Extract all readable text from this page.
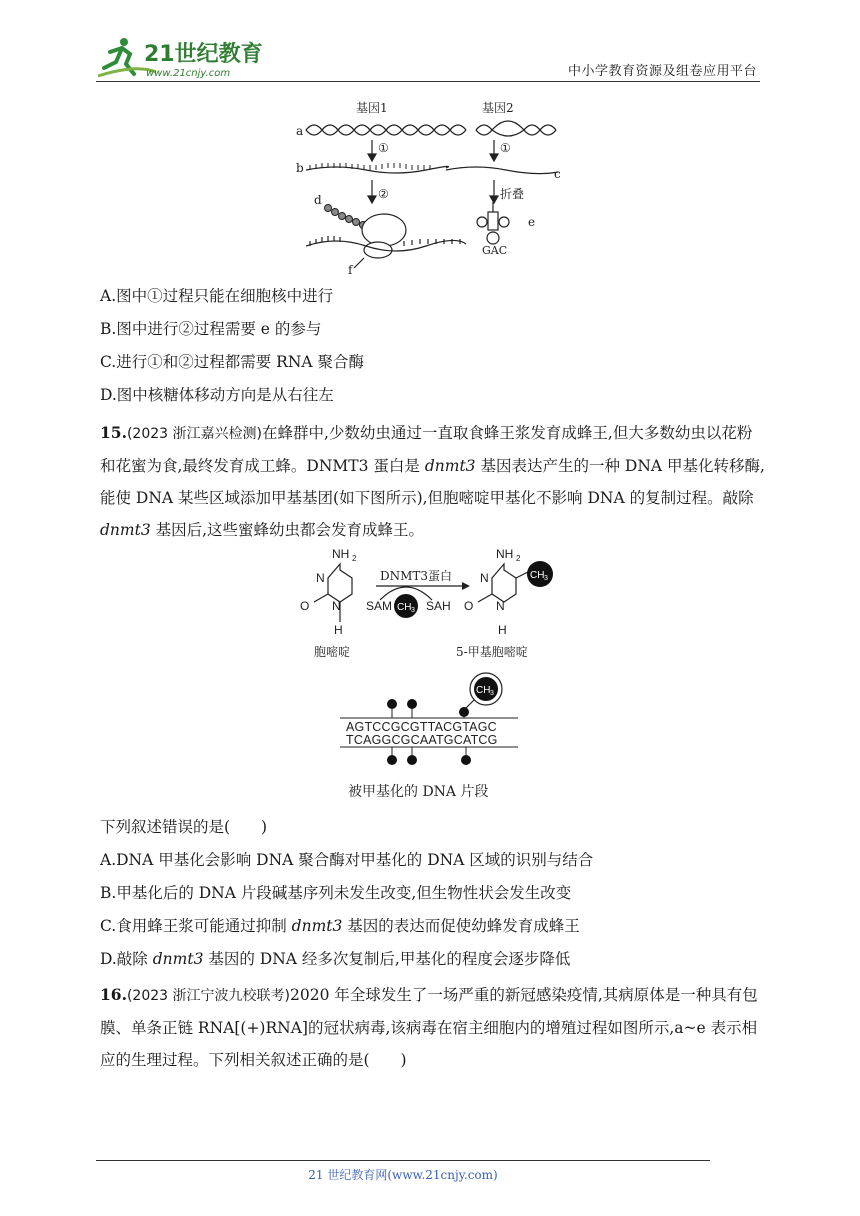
21世纪教育
www.21cnjy.com	中小学教育资源及组卷应用平台
基因1	基因2
a
b	c
d
e
f
①	①
②	折叠
GAC
A.图中①过程只能在细胞核中进行
B.图中进行②过程需要 e 的参与
C.进行①和②过程都需要 RNA 聚合酶
D.图中核糖体移动方向是从右往左
15.(2023 浙江嘉兴检测)在蜂群中,少数幼虫通过一直取食蜂王浆发育成蜂王,但大多数幼虫以花粉和花蜜为食,最终发育成工蜂。DNMT3 蛋白是 dnmt3 基因表达产生的一种 DNA 甲基化转移酶,能使 DNA 某些区域添加甲基基团(如下图所示),但胞嘧啶甲基化不影响 DNA 的复制过程。敲除 dnmt3 基因后,这些蜜蜂幼虫都会发育成蜂王。
NH 2
N
O N
H
NH 2
N
O N
H
DNMT3蛋白
SAM	SAH
胞嘧啶	5-甲基胞嘧啶
CH 3
CH 3
CH 3
AGTCCGCGTTACGTAGC
TCAGGCGCAATGCATCG
被甲基化的 DNA 片段
下列叙述错误的是(　　)
A.DNA 甲基化会影响 DNA 聚合酶对甲基化的 DNA 区域的识别与结合
B.甲基化后的 DNA 片段碱基序列未发生改变,但生物性状会发生改变
C.食用蜂王浆可能通过抑制 dnmt3 基因的表达而促使幼蜂发育成蜂王
D.敲除 dnmt3 基因的 DNA 经多次复制后,甲基化的程度会逐步降低
16.(2023 浙江宁波九校联考)2020 年全球发生了一场严重的新冠感染疫情,其病原体是一种具有包膜、单条正链 RNA[(+)RNA]的冠状病毒,该病毒在宿主细胞内的增殖过程如图所示,a~e 表示相应的生理过程。下列相关叙述正确的是(　　)
21 世纪教育网(www.21cnjy.com)
